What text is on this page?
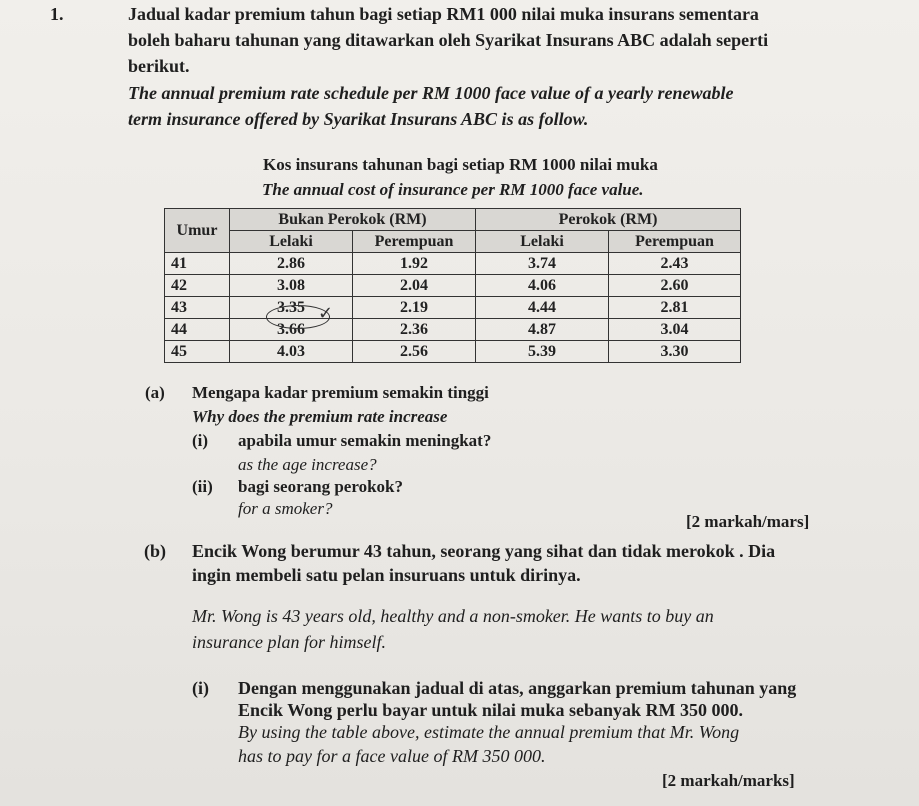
1.	Jadual kadar premium tahun bagi setiap RM1 000 nilai muka insurans sementara
boleh baharu tahunan yang ditawarkan oleh Syarikat Insurans ABC adalah seperti
berikut.
The annual premium rate schedule per RM 1000 face value of a yearly renewable
term insurance offered by Syarikat Insurans ABC is as follow.
Kos insurans tahunan bagi setiap RM 1000 nilai muka
The annual cost of insurance per RM 1000 face value.
Umur	Bukan Perokok (RM)		Perokok (RM)	
	Lelaki	Perempuan	Lelaki	Perempuan
41	2.86	1.92	3.74	2.43
42	3.08	2.04	4.06	2.60
43	3.35	2.19	4.44	2.81
44	3.66	2.36	4.87	3.04
45	4.03	2.56	5.39	3.30
✓
(a) Mengapa kadar premium semakin tinggi
Why does the premium rate increase
(i) apabila umur semakin meningkat?
as the age increase?
(ii) bagi seorang perokok?
for a smoker?
[2 markah/mars]
(b) Encik Wong berumur 43 tahun, seorang yang sihat dan tidak merokok . Dia
ingin membeli satu pelan insuruans untuk dirinya.
Mr. Wong is 43 years old, healthy and a non-smoker. He wants to buy an
insurance plan for himself.
(i) Dengan menggunakan jadual di atas, anggarkan premium tahunan yang
Encik Wong perlu bayar untuk nilai muka sebanyak RM 350 000.
By using the table above, estimate the annual premium that Mr. Wong
has to pay for a face value of RM 350 000.
[2 markah/marks]
